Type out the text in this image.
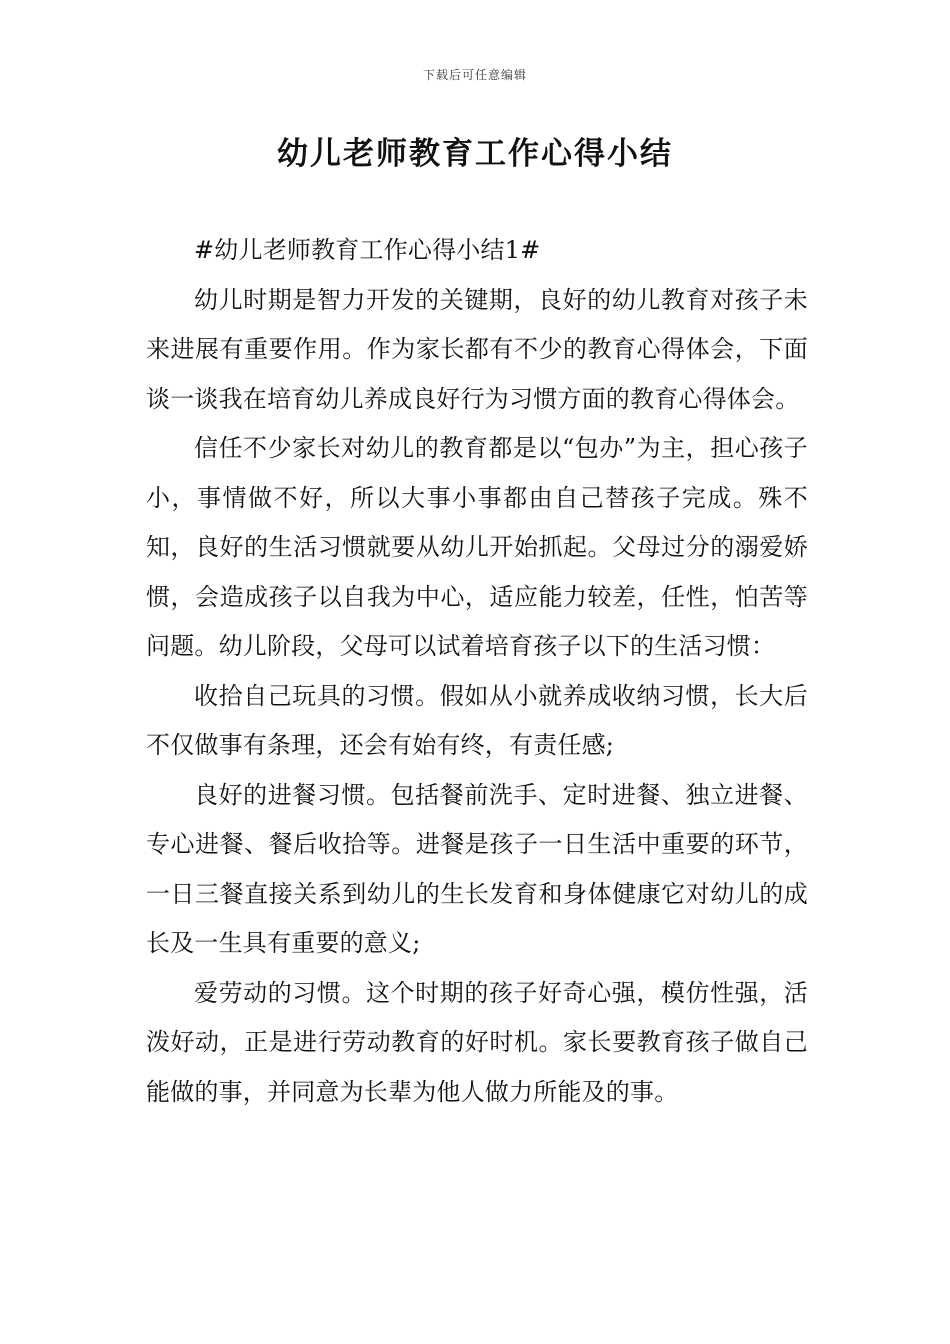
下载后可任意编辑
幼儿老师教育工作心得小结

#幼儿老师教育工作心得小结1#

幼儿时期是智力开发的关键期，良好的幼儿教育对孩子未来进展有重要作用。作为家长都有不少的教育心得体会，下面谈一谈我在培育幼儿养成良好行为习惯方面的教育心得体会。

信任不少家长对幼儿的教育都是以“包办”为主，担心孩子小，事情做不好，所以大事小事都由自己替孩子完成。殊不知，良好的生活习惯就要从幼儿开始抓起。父母过分的溺爱娇惯，会造成孩子以自我为中心，适应能力较差，任性，怕苦等问题。幼儿阶段，父母可以试着培育孩子以下的生活习惯：

收拾自己玩具的习惯。假如从小就养成收纳习惯，长大后不仅做事有条理，还会有始有终，有责任感;

良好的进餐习惯。包括餐前洗手、定时进餐、独立进餐、专心进餐、餐后收拾等。进餐是孩子一日生活中重要的环节，一日三餐直接关系到幼儿的生长发育和身体健康它对幼儿的成长及一生具有重要的意义;

爱劳动的习惯。这个时期的孩子好奇心强，模仿性强，活泼好动，正是进行劳动教育的好时机。家长要教育孩子做自己能做的事，并同意为长辈为他人做力所能及的事。
